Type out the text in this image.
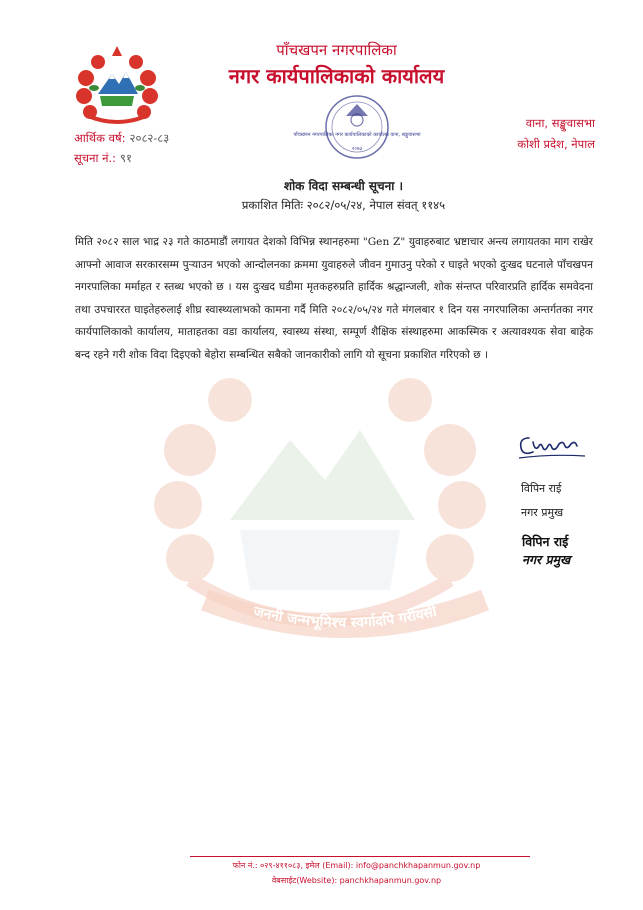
पाँचखपन नगरपालिका
नगर कार्यपालिकाको कार्यालय
पाँचखपन नगरपालिका नगर कार्यपालिकाको कार्यालय वाना, सङ्खुवासभा
२०७३
आर्थिक वर्ष: २०८२-८३
सूचना नं.: ९१
वाना, सङ्खुवासभा
कोशी प्रदेश, नेपाल
शोक विदा सम्बन्धी सूचना ।
प्रकाशित मितिः २०८२/०५/२४, नेपाल संवत् ११४५

मिति २०८२ साल भाद्र २३ गते काठमाडौं लगायत देशको विभिन्न स्थानहरुमा "Gen Z" युवाहरुबाट भ्रष्टाचार अन्त्य लगायतका माग राखेर आफ्नो आवाज सरकारसम्म पुऱ्याउन भएको आन्दोलनका क्रममा युवाहरुले जीवन गुमाउनु परेको र घाइते भएको दुःखद घटनाले पाँचखपन नगरपालिका मर्माहत र स्तब्ध भएको छ । यस दुःखद घडीमा मृतकहरुप्रति हार्दिक श्रद्धान्जली, शोक संन्तप्त परिवारप्रति हार्दिक समवेदना तथा उपचाररत घाइतेहरुलाई शीघ्र स्वास्थ्यलाभको कामना गर्दै मिति २०८२/०५/२४ गते मंगलबार १ दिन यस नगरपालिका अन्तर्गतका नगर कार्यपालिकाको कार्यालय, माताहतका वडा कार्यालय, स्वास्थ्य संस्था, सम्पूर्ण शैक्षिक संस्थाहरुमा आकस्मिक र अत्यावश्यक सेवा बाहेक बन्द रहने गरी शोक विदा दिइएको बेहोरा सम्बन्धित सबैको जानकारीको लागि यो सूचना प्रकाशित गरिएको छ ।

विपिन राई
नगर प्रमुख
विपिन राई
नगर प्रमुख
जननी जन्मभूमिश्च स्वर्गादपि गरीयसी
फोन नं.: ०२९-४११०८३, इमेल (Email): info@panchkhapanmun.gov.np
वेबसाईट(Website): panchkhapanmun.gov.np
